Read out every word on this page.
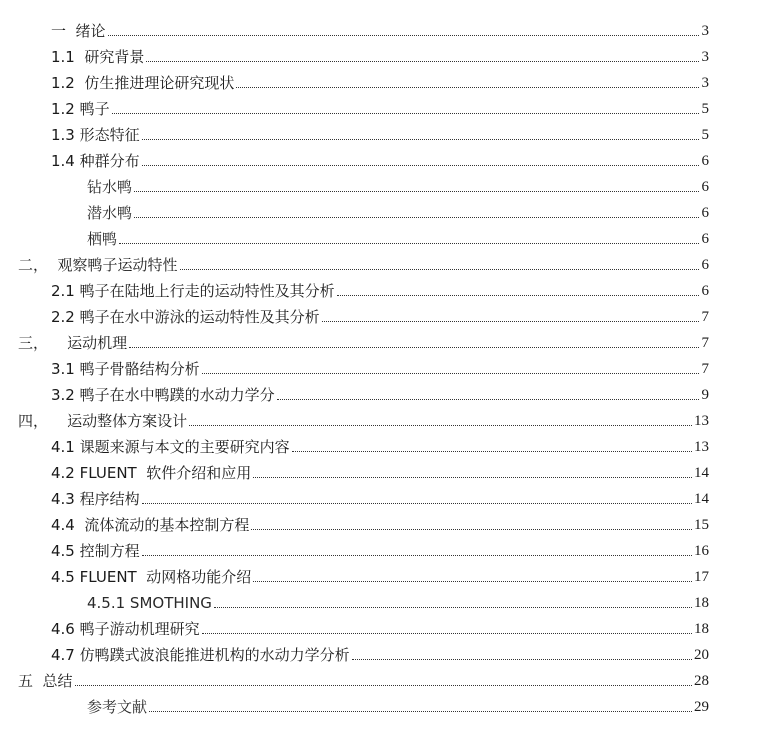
一  绪论	3
1.1  研究背景	3
1.2  仿生推进理论研究现状	3
1.2 鸭子	5
1.3 形态特征	5
1.4 种群分布	6
钻水鸭	6
潜水鸭	6
栖鸭	6
二，  观察鸭子运动特性	6
2.1 鸭子在陆地上行走的运动特性及其分析	6
2.2 鸭子在水中游泳的运动特性及其分析	7
三，    运动机理	7
3.1 鸭子骨骼结构分析	7
3.2 鸭子在水中鸭蹼的水动力学分	9
四，    运动整体方案设计	13
4.1 课题来源与本文的主要研究内容	13
4.2 FLUENT  软件介绍和应用	14
4.3 程序结构	14
4.4  流体流动的基本控制方程	15
4.5 控制方程	16
4.5 FLUENT  动网格功能介绍	17
4.5.1 SMOTHING	18
4.6 鸭子游动机理研究	18
4.7 仿鸭蹼式波浪能推进机构的水动力学分析	20
五  总结	28
参考文献	29
